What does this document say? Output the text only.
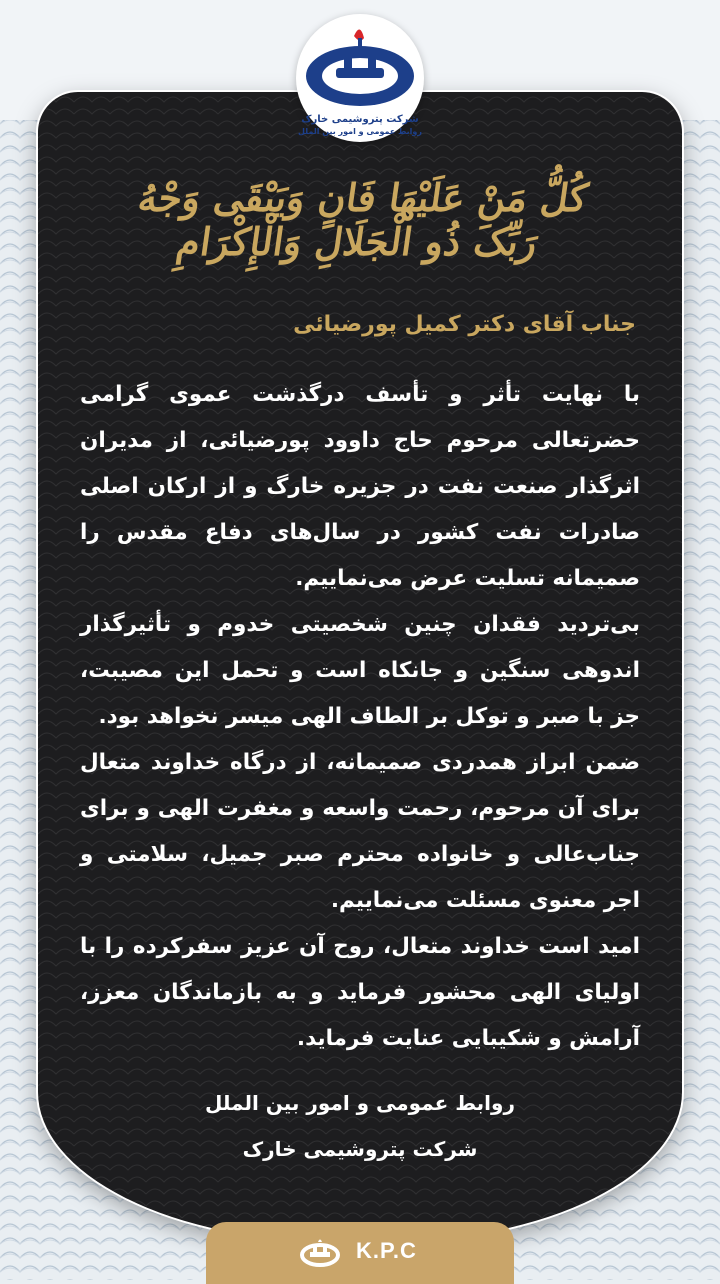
شرکت پتروشیمی خارک
روابط عمومی و امور بین الملل
کُلُّ مَنْ عَلَیْهَا فَانٍ وَیَبْقَی وَجْهُ رَبِّکَ ذُو الْجَلَالِ وَالْإِکْرَامِ
جناب آقای دکتر کمیل پورضیائی

با نهایت تأثر و تأسف درگذشت عموی گرامی حضرتعالی مرحوم حاج داوود پورضیائی، از مدیران اثرگذار صنعت نفت در جزیره خارگ و از ارکان اصلی صادرات نفت کشور در سال‌های دفاع مقدس را صمیمانه تسلیت عرض می‌نماییم.

بی‌تردید فقدان چنین شخصیتی خدوم و تأثیرگذار اندوهی سنگین و جانکاه است و تحمل این مصیبت، جز با صبر و توکل بر الطاف الهی میسر نخواهد بود.

ضمن ابراز همدردی صمیمانه، از درگاه خداوند متعال برای آن مرحوم، رحمت واسعه و مغفرت الهی و برای جناب‌عالی و خانواده محترم صبر جمیل، سلامتی و اجر معنوی مسئلت می‌نماییم.

امید است خداوند متعال، روح آن عزیز سفرکرده را با اولیای الهی محشور فرماید و به بازماندگان معزز، آرامش و شکیبایی عنایت فرماید.

روابط عمومی و امور بین الملل
شرکت پتروشیمی خارک
K.P.C
